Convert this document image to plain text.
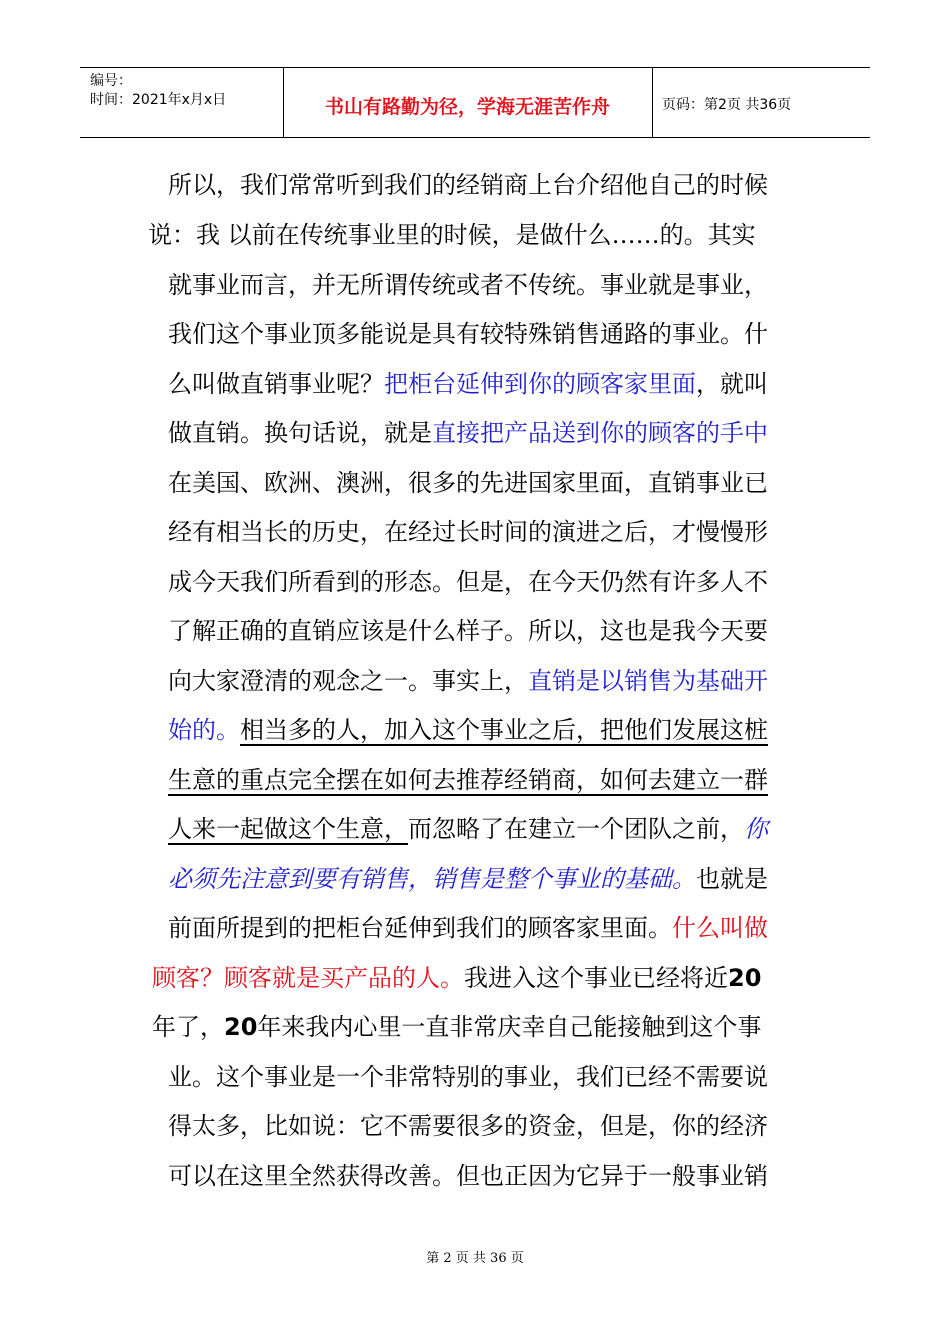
编号：
时间：2021年x月x日	书山有路勤为径，学海无涯苦作舟	页码：第2页 共36页
所以，我们常常听到我们的经销商上台介绍他自己的时候
说：我 以前在传统事业里的时候，是做什么……的。其实
就事业而言，并无所谓传统或者不传统。事业就是事业，
我们这个事业顶多能说是具有较特殊销售通路的事业。什
么叫做直销事业呢？把柜台延伸到你的顾客家里面，就叫
做直销。换句话说，就是直接把产品送到你的顾客的手中
在美国、欧洲、澳洲，很多的先进国家里面，直销事业已
经有相当长的历史，在经过长时间的演进之后，才慢慢形
成今天我们所看到的形态。但是，在今天仍然有许多人不
了解正确的直销应该是什么样子。所以，这也是我今天要
向大家澄清的观念之一。事实上，直销是以销售为基础开
始的。相当多的人，加入这个事业之后，把他们发展这桩
生意的重点完全摆在如何去推荐经销商，如何去建立一群
人来一起做这个生意，而忽略了在建立一个团队之前，你
必须先注意到要有销售，销售是整个事业的基础。也就是
前面所提到的把柜台延伸到我们的顾客家里面。什么叫做
顾客？顾客就是买产品的人。我进入这个事业已经将近20
年了，20年来我内心里一直非常庆幸自己能接触到这个事
业。这个事业是一个非常特别的事业，我们已经不需要说
得太多，比如说：它不需要很多的资金，但是，你的经济
可以在这里全然获得改善。但也正因为它异于一般事业销
第 2 页 共 36 页
